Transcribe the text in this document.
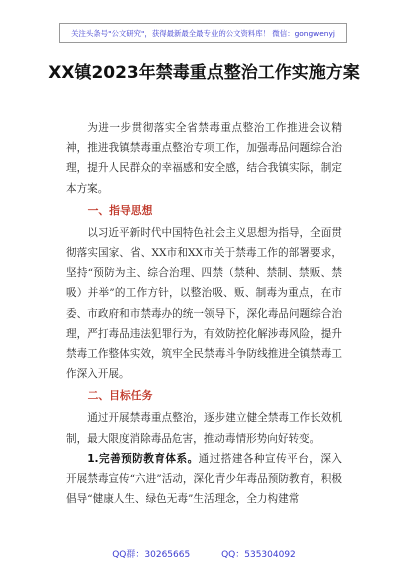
关注头条号"公文研究"，获得最新最全最专业的公文资料库！ 微信：gongwenyj
XX镇2023年禁毒重点整治工作实施方案

为进一步贯彻落实全省禁毒重点整治工作推进会议精神，推进我镇禁毒重点整治专项工作，加强毒品问题综合治理，提升人民群众的幸福感和安全感，结合我镇实际，制定本方案。

一、指导思想

以习近平新时代中国特色社会主义思想为指导，全面贯彻落实国家、省、XX市和XX市关于禁毒工作的部署要求，坚持“预防为主、综合治理、四禁（禁种、禁制、禁贩、禁吸）并举”的工作方针，以整治吸、贩、制毒为重点，在市委、市政府和市禁毒办的统一领导下，深化毒品问题综合治理，严打毒品违法犯罪行为，有效防控化解涉毒风险，提升禁毒工作整体实效，筑牢全民禁毒斗争防线推进全镇禁毒工作深入开展。

二、目标任务

通过开展禁毒重点整治，逐步建立健全禁毒工作长效机制，最大限度消除毒品危害，推动毒情形势向好转变。

1.完善预防教育体系。通过搭建各种宣传平台，深入开展禁毒宣传“六进”活动，深化青少年毒品预防教育，积极倡导“健康人生、绿色无毒”生活理念，全力构建常

QQ群：30265665	QQ：535304092
